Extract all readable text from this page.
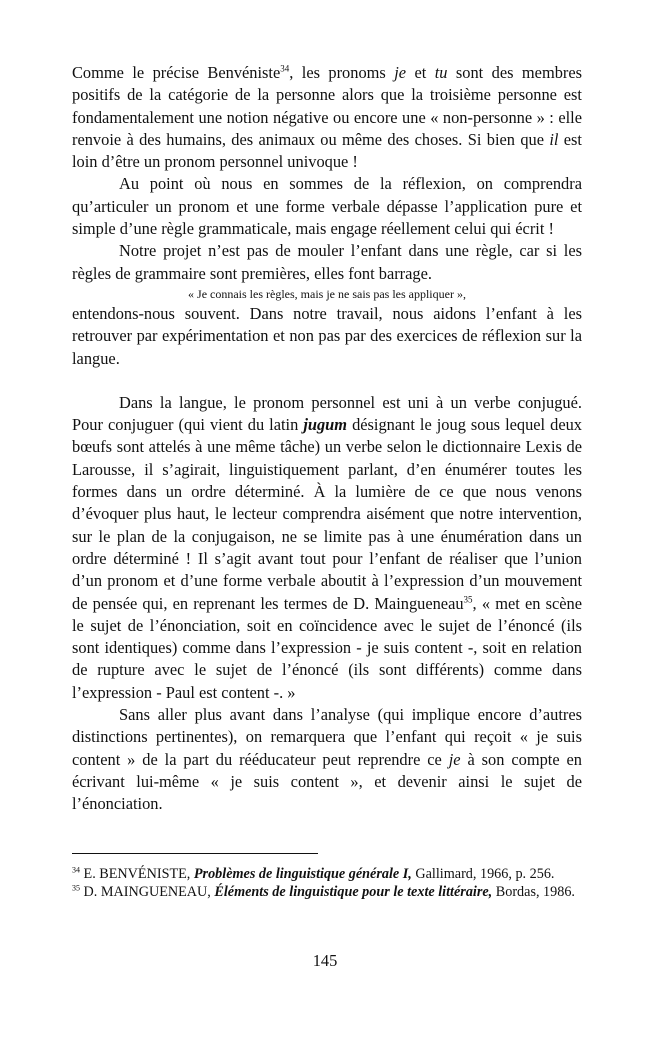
Comme le précise Benvéniste$^{34}$, les pronoms je et tu sont des membres positifs de la catégorie de la personne alors que la troisième personne est fondamentalement une notion négative ou encore une « non-personne » : elle renvoie à des humains, des animaux ou même des choses. Si bien que il est loin d’être un pronom personnel univoque !

Au point où nous en sommes de la réflexion, on comprendra qu’articuler un pronom et une forme verbale dépasse l’application pure et simple d’une règle grammaticale, mais engage réellement celui qui écrit !

Notre projet n’est pas de mouler l’enfant dans une règle, car si les règles de grammaire sont premières, elles font barrage.

« Je connais les règles, mais je ne sais pas les appliquer »,

entendons-nous souvent. Dans notre travail, nous aidons l’enfant à les retrouver par expérimentation et non pas par des exercices de réflexion sur la langue.

Dans la langue, le pronom personnel est uni à un verbe conjugué. Pour conjuguer (qui vient du latin jugum désignant le joug sous lequel deux bœufs sont attelés à une même tâche) un verbe selon le dictionnaire Lexis de Larousse, il s’agirait, linguistiquement parlant, d’en énumérer toutes les formes dans un ordre déterminé. À la lumière de ce que nous venons d’évoquer plus haut, le lecteur comprendra aisément que notre intervention, sur le plan de la conjugaison, ne se limite pas à une énumération dans un ordre déterminé ! Il s’agit avant tout pour l’enfant de réaliser que l’union d’un pronom et d’une forme verbale aboutit à l’expression d’un mouvement de pensée qui, en reprenant les termes de D. Maingueneau$^{35}$, « met en scène le sujet de l’énonciation, soit en coïncidence avec le sujet de l’énoncé (ils sont identiques) comme dans l’expression - je suis content -, soit en relation de rupture avec le sujet de l’énoncé (ils sont différents) comme dans l’expression - Paul est content -. »

Sans aller plus avant dans l’analyse (qui implique encore d’autres distinctions pertinentes), on remarquera que l’enfant qui reçoit « je suis content » de la part du rééducateur peut reprendre ce je à son compte en écrivant lui-même « je suis content », et devenir ainsi le sujet de l’énonciation.

$^{34}$ E. BENVÉNISTE, Problèmes de linguistique générale I, Gallimard, 1966, p. 256.

$^{35}$ D. MAINGUENEAU, Éléments de linguistique pour le texte littéraire, Bordas, 1986.

145
